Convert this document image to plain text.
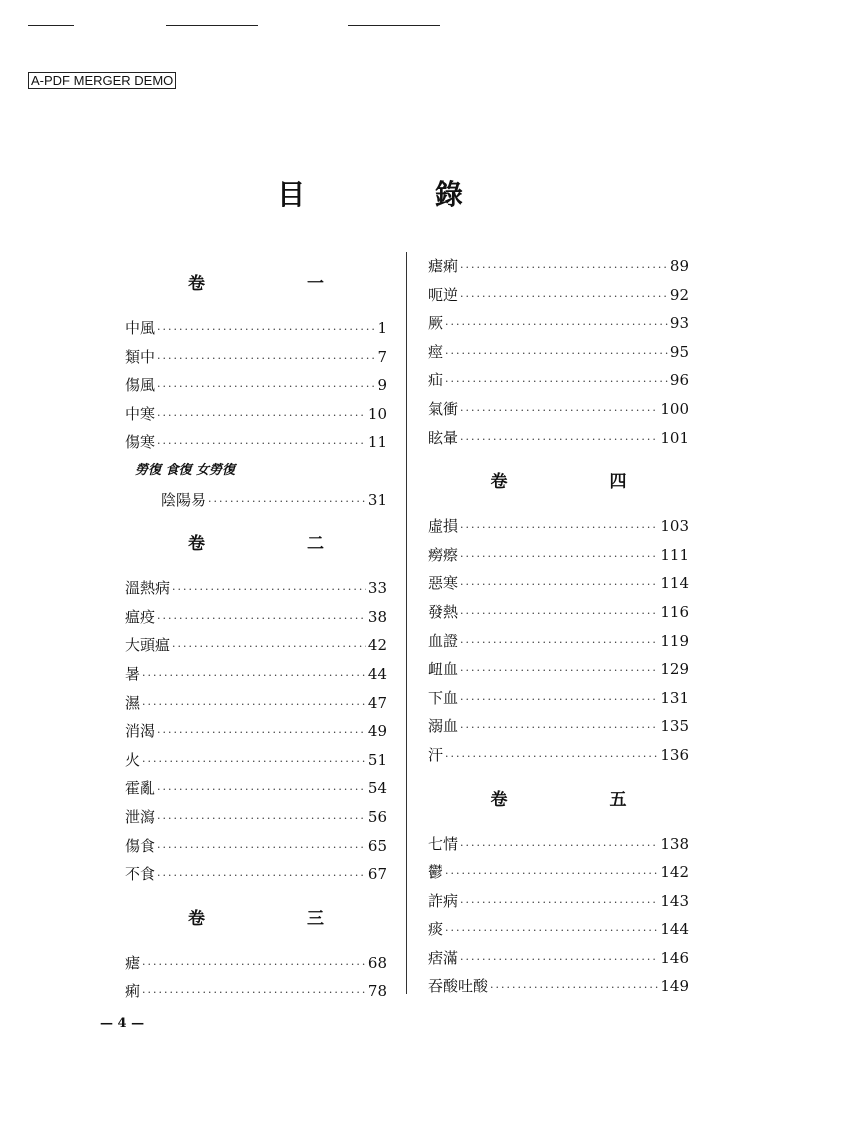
A-PDF MERGER DEMO
目 錄
卷 一
中風 ·····	1
類中 ·····	7
傷風 ·····	9
中寒 ·····	10
傷寒 ·····	11
勞復 食復 女勞復
陰陽易 ·····	31
卷 二
溫熱病 ·····	33
瘟疫 ·····	38
大頭瘟 ·····	42
暑 ·····	44
濕 ·····	47
消渴 ·····	49
火 ·····	51
霍亂 ·····	54
泄瀉 ·····	56
傷食 ·····	65
不食 ·····	67
卷 三
瘧 ·····	68
痢 ·····	78
瘧痢 ·····	89
呃逆 ·····	92
厥 ·····	93
痙 ·····	95
疝 ·····	96
氣衝 ·····	100
眩暈 ·····	101
卷 四
虛損 ·····	103
癆瘵 ·····	111
惡寒 ·····	114
發熱 ·····	116
血證 ·····	119
衄血 ·····	129
下血 ·····	131
溺血 ·····	135
汗 ·····	136
卷 五
七情 ·····	138
鬱 ·····	142
詐病 ·····	143
痰 ·····	144
痞滿 ·····	146
吞酸吐酸 ·····	149
— 4 —
